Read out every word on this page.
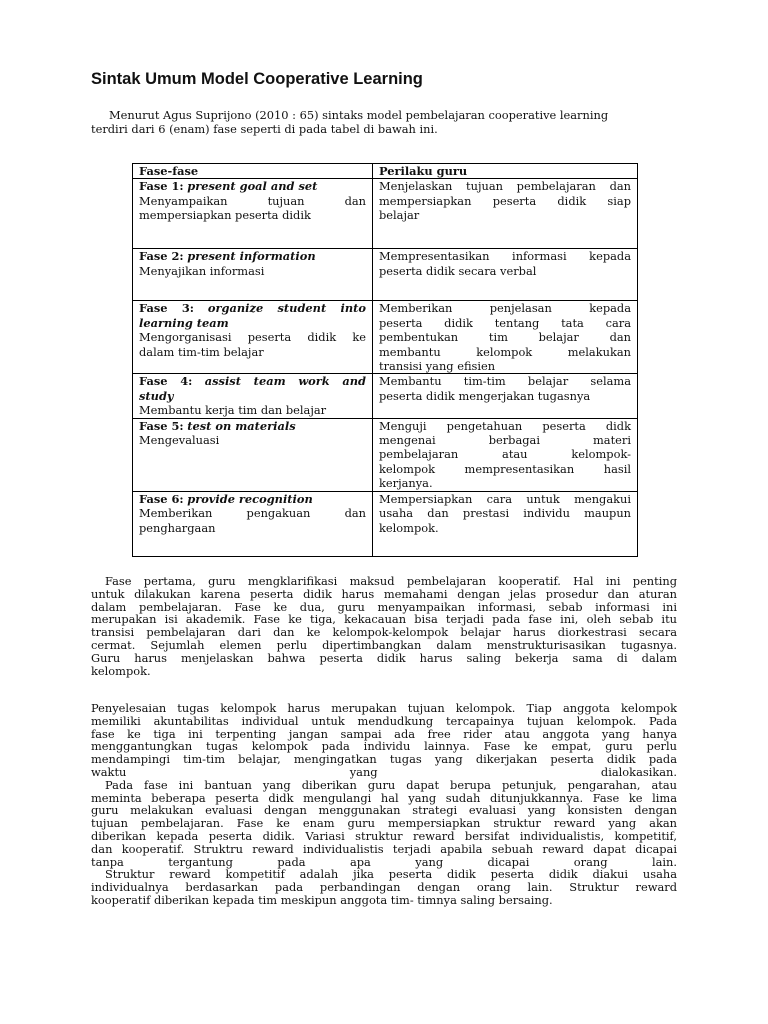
Sintak Umum Model Cooperative Learning

Menurut Agus Suprijono (2010 : 65) sintaks model pembelajaran cooperative learning
terdiri dari 6 (enam) fase seperti di pada tabel di bawah ini.

Fase-fase	Perilaku guru

Fase 1: present goal and set
Menyampaikan tujuan dan
mempersiapkan peserta didik	Menjelaskan tujuan pembelajaran dan
mempersiapkan peserta didik siap
belajar

Fase 2: present information
Menyajikan informasi	Mempresentasikan informasi kepada
peserta didik secara verbal

Fase 3: organize student into
learning team
Mengorganisasi peserta didik ke
dalam tim-tim belajar	Memberikan penjelasan kepada
peserta didik tentang tata cara
pembentukan tim belajar dan
membantu kelompok melakukan
transisi yang efisien

Fase 4: assist team work and
study
Membantu kerja tim dan belajar	Membantu tim-tim belajar selama
peserta didik mengerjakan tugasnya

Fase 5: test on materials
Mengevaluasi	Menguji pengetahuan peserta didk
mengenai berbagai materi
pembelajaran atau kelompok-
kelompok mempresentasikan hasil
kerjanya.

Fase 6: provide recognition
Memberikan pengakuan dan
penghargaan	Mempersiapkan cara untuk mengakui
usaha dan prestasi individu maupun
kelompok.

Fase pertama, guru mengklarifikasi maksud pembelajaran kooperatif. Hal ini penting
untuk dilakukan karena peserta didik harus memahami dengan jelas prosedur dan aturan
dalam pembelajaran. Fase ke dua, guru menyampaikan informasi, sebab informasi ini
merupakan isi akademik. Fase ke tiga, kekacauan bisa terjadi pada fase ini, oleh sebab itu
transisi pembelajaran dari dan ke kelompok-kelompok belajar harus diorkestrasi secara
cermat. Sejumlah elemen perlu dipertimbangkan dalam menstrukturisasikan tugasnya.
Guru harus menjelaskan bahwa peserta didik harus saling bekerja sama di dalam
kelompok.

Penyelesaian tugas kelompok harus merupakan tujuan kelompok. Tiap anggota kelompok
memiliki akuntabilitas individual untuk mendudkung tercapainya tujuan kelompok. Pada
fase ke tiga ini terpenting jangan sampai ada free rider atau anggota yang hanya
menggantungkan tugas kelompok pada individu lainnya. Fase ke empat, guru perlu
mendampingi tim-tim belajar, mengingatkan tugas yang dikerjakan peserta didik pada
waktu yang dialokasikan.
Pada fase ini bantuan yang diberikan guru dapat berupa petunjuk, pengarahan, atau
meminta beberapa peserta didk mengulangi hal yang sudah ditunjukkannya. Fase ke lima
guru melakukan evaluasi dengan menggunakan strategi evaluasi yang konsisten dengan
tujuan pembelajaran. Fase ke enam guru mempersiapkan struktur reward yang akan
diberikan kepada peserta didik. Variasi struktur reward bersifat individualistis, kompetitif,
dan kooperatif. Struktru reward individualistis terjadi apabila sebuah reward dapat dicapai
tanpa tergantung pada apa yang dicapai orang lain.
Struktur reward kompetitif adalah jika peserta didik peserta didik diakui usaha
individualnya berdasarkan pada perbandingan dengan orang lain. Struktur reward
kooperatif diberikan kepada tim meskipun anggota tim- timnya saling bersaing.
